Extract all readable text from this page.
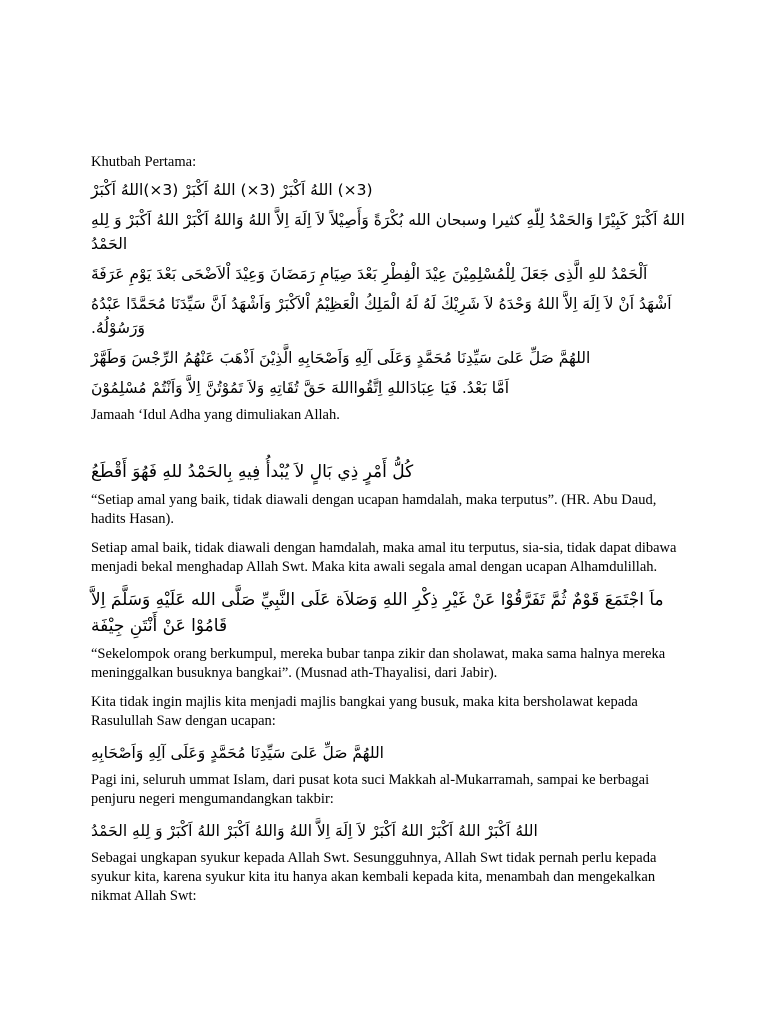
Khutbah Pertama:

(3×) اللهُ اَكْبَرْ (3×) اللهُ اَكْبَرْ (3×)اللهُ اَكْبَرْ

اللهُ اَكْبَرْ كَبِيْرًا وَالحَمْدُ لِلّهِ كثيرا وسبحان الله بُكْرَةً وَأَصِيْلاً لاَ اِلَهَ اِلاَّ اللهُ وَاللهُ اَكْبَرْ اللهُ اَكْبَرْ وَ لِلهِ الحَمْدُ

اَلْحَمْدُ للهِ الَّذِى جَعَلَ لِلْمُسْلِمِيْنَ عِيْدَ الْفِطْرِ بَعْدَ صِيَامِ رَمَضَانَ وَعِيْدَ اْلاَضْحَى بَعْدَ يَوْمِ عَرَفَةَ

اَشْهَدُ اَنْ لاَ اِلَهَ اِلاَّ اللهُ وَحْدَهُ لاَ شَرِيْكَ لَهُ لَهُ الْمَلِكُ الْعَظِيْمُ اْلاَكْبَرْ وَاَشْهَدُ اَنَّ سَيِّدَنَا مُحَمَّدًا عَبْدُهُ وَرَسُوْلُهُ.

اللهُمَّ صَلِّ عَلىَ سَيِّدِنَا مُحَمَّدٍ وَعَلَى آلِهِ وَاَصْحَابِهِ الَّذِيْنَ اَذْهَبَ عَنْهُمُ الرِّجْسَ وَطَهَّرْ

اَمَّا بَعْدُ. فَيَا عِبَادَاللهِ اِتَّقُوااللهَ حَقَّ تُقَاتِهِ وَلاَ تَمُوْتُنَّ اِلاَّ وَاَنْتُمْ مُسْلِمُوْنَ

Jamaah ‘Idul Adha yang dimuliakan Allah.

كُلُّ أَمْرٍ ذِي بَالٍ لاَ يُبْدأُ فِيهِ بِالحَمْدُ للهِ فَهُوَ أَقْطَعُ

“Setiap amal yang baik, tidak diawali dengan ucapan hamdalah, maka terputus”. (HR. Abu Daud, hadits Hasan).

Setiap amal baik, tidak diawali dengan hamdalah, maka amal itu terputus, sia-sia, tidak dapat dibawa menjadi bekal menghadap Allah Swt. Maka kita awali segala amal dengan ucapan Alhamdulillah.

ماَ اجْتَمَعَ قَوْمٌ ثُمَّ تَفَرَّقُوْا عَنْ غَيْرِ ذِكْرِ اللهِ وَصَلاَة عَلَى النَّبِيِّ صَلَّى الله عَلَيْهِ وَسَلَّمَ اِلاَّ قَامُوْا عَنْ أَنْتَنِ جِيْفَة

“Sekelompok orang berkumpul, mereka bubar tanpa zikir dan sholawat, maka sama halnya mereka meninggalkan busuknya bangkai”. (Musnad ath-Thayalisi, dari Jabir).

Kita tidak ingin majlis kita menjadi majlis bangkai yang busuk, maka kita bersholawat kepada Rasulullah Saw dengan ucapan:

اللهُمَّ صَلِّ عَلىَ سَيِّدِنَا مُحَمَّدٍ وَعَلَى آلِهِ وَاَصْحَابِهِ

Pagi ini, seluruh ummat Islam, dari pusat kota suci Makkah al-Mukarramah, sampai ke berbagai penjuru negeri mengumandangkan takbir:

اللهُ اَكْبَرْ اللهُ اَكْبَرْ اللهُ اَكْبَرْ لاَ اِلَهَ اِلاَّ اللهُ وَاللهُ اَكْبَرْ اللهُ اَكْبَرْ وَ لِلهِ الحَمْدُ

Sebagai ungkapan syukur kepada Allah Swt. Sesungguhnya, Allah Swt tidak pernah perlu kepada syukur kita, karena syukur kita itu hanya akan kembali kepada kita, menambah dan mengekalkan nikmat Allah Swt:
